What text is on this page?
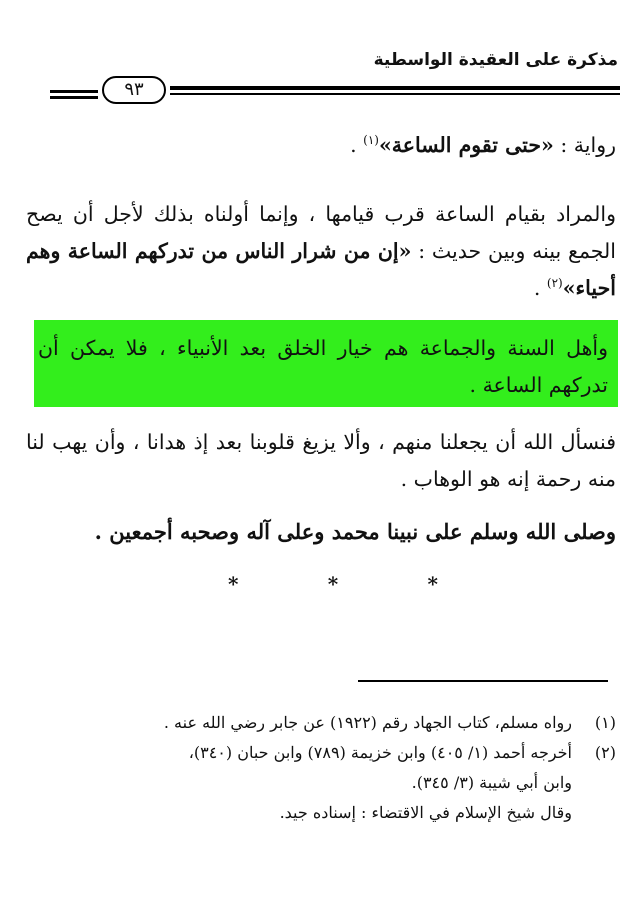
مذكرة على العقيدة الواسطية
٩٣
رواية : «حتى تقوم الساعة»$^{(١)}$ .
والمراد بقيام الساعة قرب قيامها ، وإنما أولناه بذلك لأجل أن يصح الجمع بينه وبين حديث : «إن من شرار الناس من تدركهم الساعة وهم أحياء»$^{(٢)}$ .
وأهل السنة والجماعة هم خيار الخلق بعد الأنبياء ، فلا يمكن أن تدركهم الساعة .
فنسأل الله أن يجعلنا منهم ، وألا يزيغ قلوبنا بعد إذ هدانا ، وأن يهب لنا منه رحمة إنه هو الوهاب .
وصلى الله وسلم على نبينا محمد وعلى آله وصحبه أجمعين .
*	*	*
(١)
رواه مسلم، كتاب الجهاد رقم (١٩٢٢) عن جابر رضي الله عنه .
(٢)
أخرجه أحمد (١/ ٤٠٥) وابن خزيمة (٧٨٩) وابن حبان (٣٤٠)،
وابن أبي شيبة (٣/ ٣٤٥).
وقال شيخ الإسلام في الاقتضاء : إسناده جيد.
